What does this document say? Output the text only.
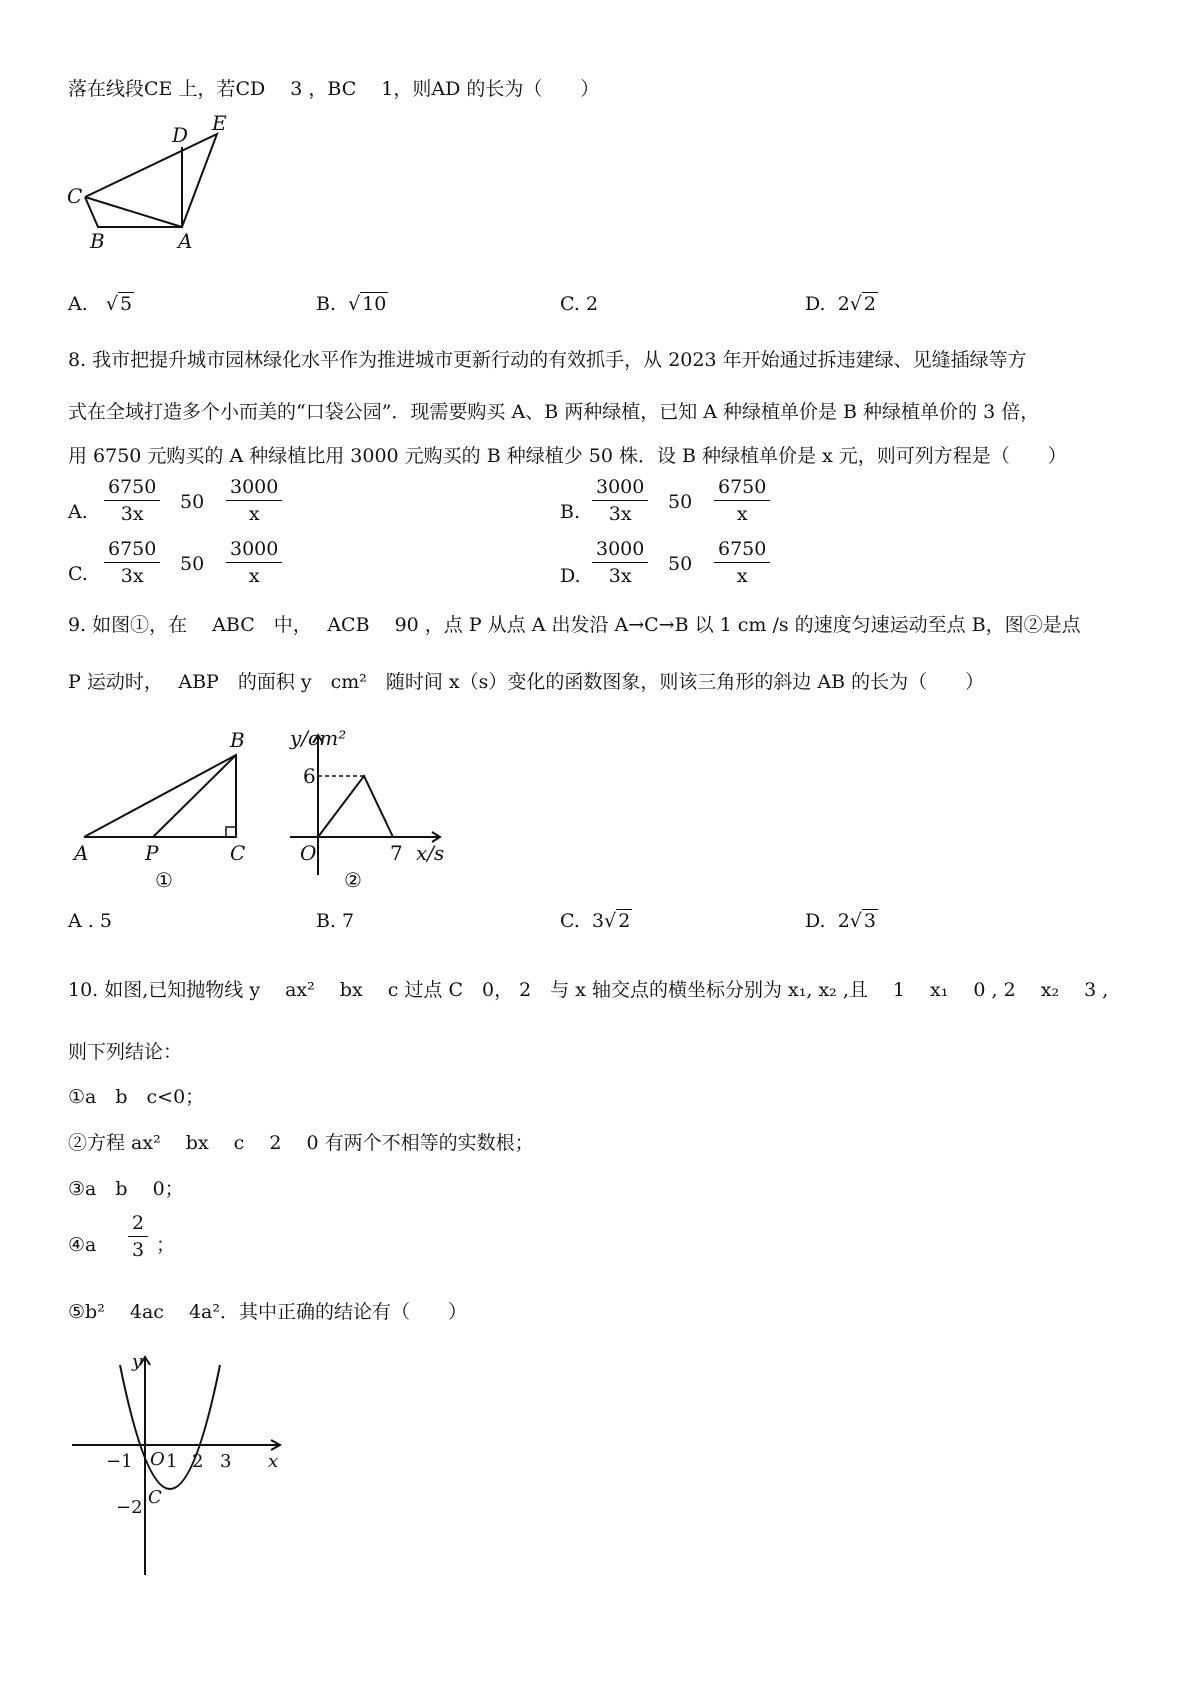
落在线段CE 上，若CD　 3 ，BC　 1，则AD 的长为（　　）
C
B	A
D E
A.   √ 5	B.  √ 10	C. 2	D. 2√ 2
8. 我市把提升城市园林绿化水平作为推进城市更新行动的有效抓手，从 2023 年开始通过拆违建绿、见缝插绿等方
式在全域打造多个小而美的“口袋公园”．现需要购买 A、B 两种绿植，已知 A 种绿植单价是 B 种绿植单价的 3 倍，
用 6750 元购买的 A 种绿植比用 3000 元购买的 B 种绿植少 50 株．设 B 种绿植单价是 x 元，则可列方程是（　　）
A. $\frac{6750}{3x} 50 \frac{3000}{x}$	B. $\frac{3000}{3x} 50 \frac{6750}{x}$
C. $\frac{6750}{3x} 50 \frac{3000}{x}$	D. $\frac{3000}{3x} 50 \frac{6750}{x}$
9. 如图①，在　 ABC　中，　 ACB　 90 ，点 P 从点 A 出发沿 A→C→B 以 1 cm /s 的速度匀速运动至点 B，图②是点
P 运动时，　 ABP　的面积 y　cm²　随时间 x（s）变化的函数图象，则该三角形的斜边 AB 的长为（　　）
B
A	P	C
①
y/cm²
6
O	7 x/s
②
A . 5	B. 7	C. 3√ 2	D. 2√ 3
10. 如图,已知抛物线 y　 ax²　 bx　 c 过点 C　0， 2　与 x 轴交点的横坐标分别为 x₁, x₂ ,且　 1　 x₁　 0 , 2　 x₂　 3 ,
则下列结论：
①a　b　c<0；
②方程 ax²　 bx　 c　 2　 0 有两个不相等的实数根；
③a　b　 0；
④a $\frac{2}{3}$ ；
⑤b²　 4ac　 4a²．其中正确的结论有（　　）
y
x
O
−1 1 2 3
−2 C
